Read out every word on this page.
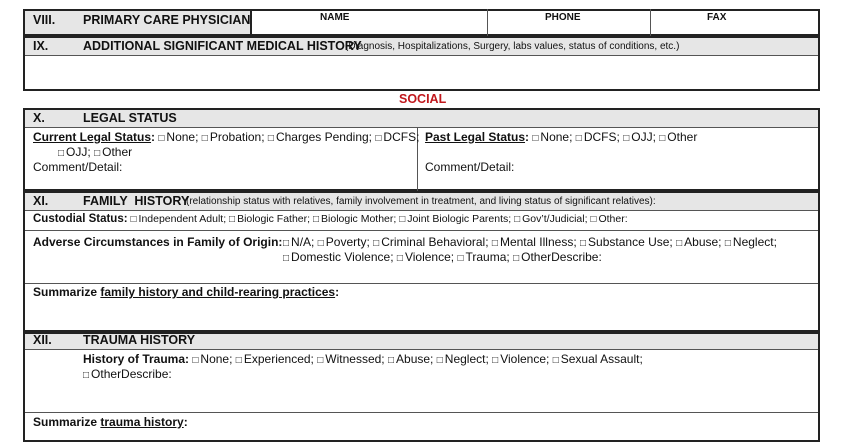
VIII. PRIMARY CARE PHYSICIAN	NAME	PHONE	FAX
IX.	ADDITIONAL SIGNIFICANT MEDICAL HISTORY
(Diagnosis, Hospitalizations, Surgery, labs values, status of conditions, etc.)
SOCIAL
X.	LEGAL STATUS
Current Legal Status: □ None; □ Probation; □ Charges Pending; □ DCFS;
□ OJJ; □ Other
Comment/Detail:
Past Legal Status: □ None; □ DCFS; □ OJJ; □ Other
Comment/Detail:
XI.	FAMILY  HISTORY
(relationship status with relatives, family involvement in treatment, and living status of significant relatives):
Custodial Status: □ Independent Adult; □ Biologic Father; □ Biologic Mother; □ Joint Biologic Parents; □ Gov’t/Judicial; □ Other:
Adverse Circumstances in Family of Origin: □ N/A; □ Poverty; □ Criminal Behavioral; □ Mental Illness; □ Substance Use; □ Abuse; □ Neglect;
□ Domestic Violence; □ Violence; □ Trauma; □ OtherDescribe:
Summarize family history and child-rearing practices:
XII. TRAUMA HISTORY
History of Trauma: □ None; □ Experienced; □ Witnessed; □ Abuse; □ Neglect; □ Violence; □ Sexual Assault;
□ OtherDescribe:
Summarize trauma history:
